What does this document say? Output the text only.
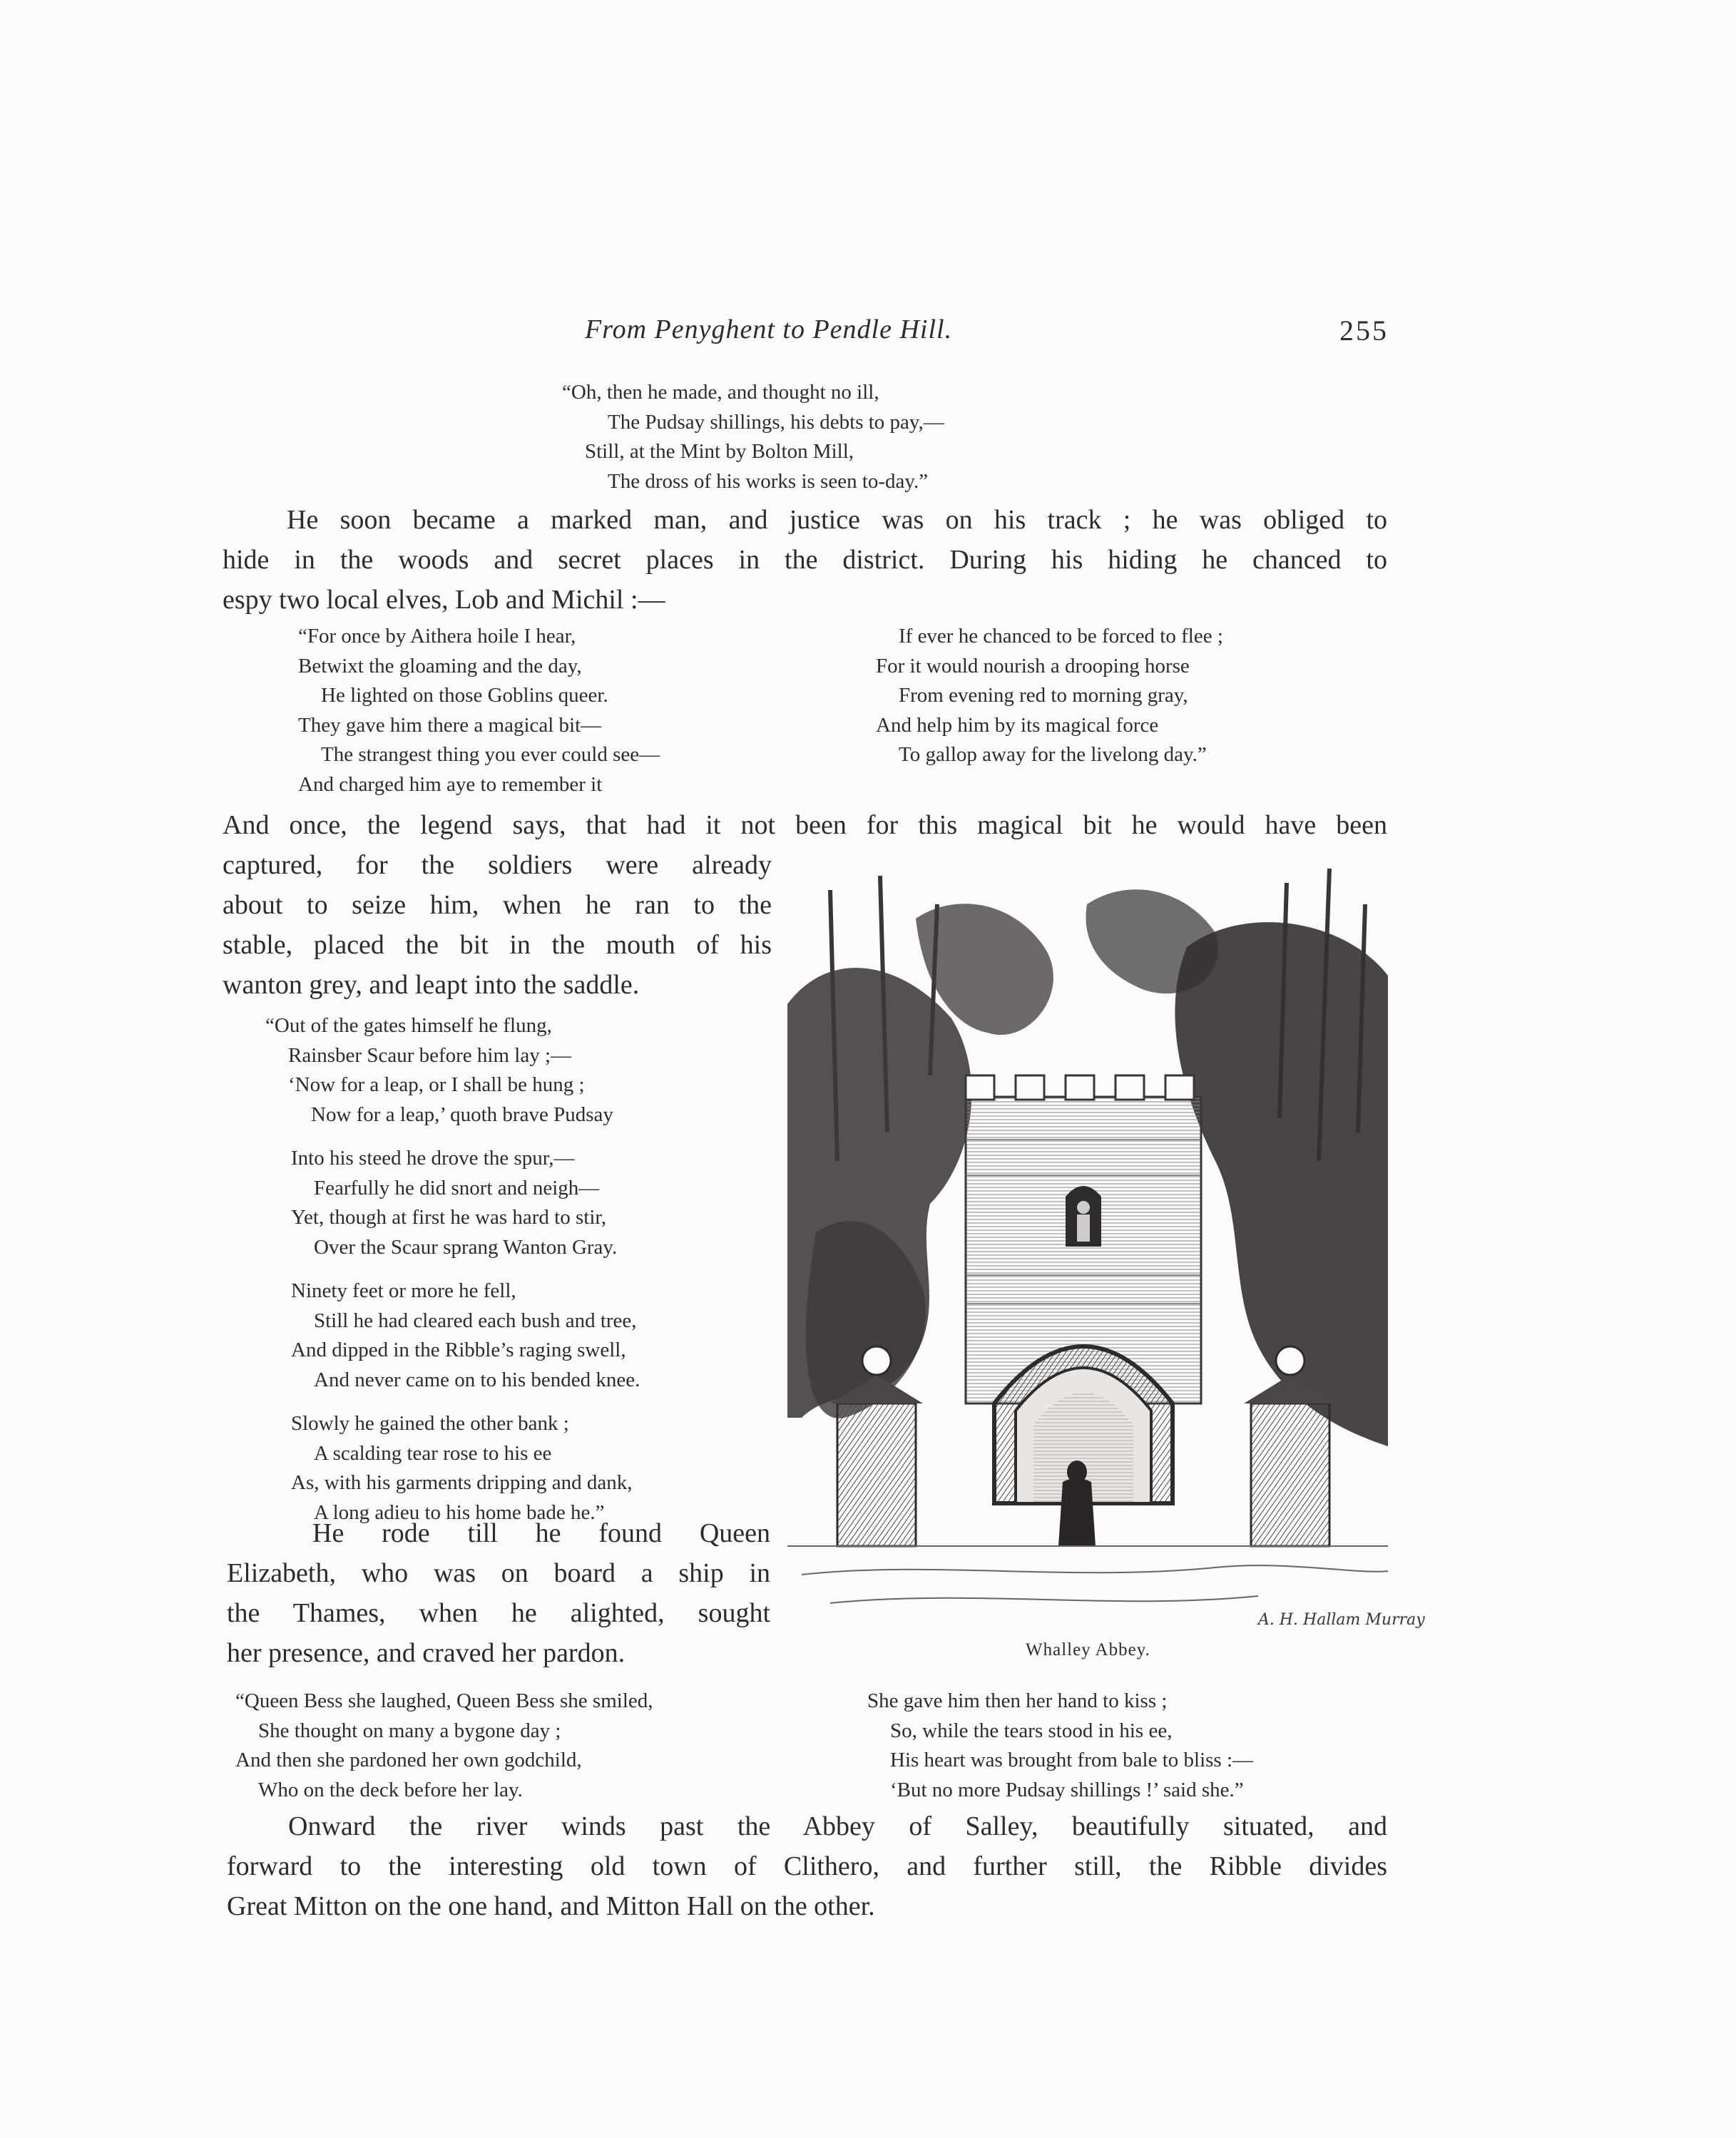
From Penyghent to Pendle Hill.	255
“Oh, then he made, and thought no ill,
The Pudsay shillings, his debts to pay,—
Still, at the Mint by Bolton Mill,
The dross of his works is seen to-day.”
He soon became a marked man, and justice was on his track ; he was obliged to
hide in the woods and secret places in the district. During his hiding he chanced to
espy two local elves, Lob and Michil :—
“For once by Aithera hoile I hear,
Betwixt the gloaming and the day,
He lighted on those Goblins queer.
They gave him there a magical bit—
The strangest thing you ever could see—
And charged him aye to remember it
If ever he chanced to be forced to flee ;
For it would nourish a drooping horse
From evening red to morning gray,
And help him by its magical force
To gallop away for the livelong day.”
And once, the legend says, that had it not been for this magical bit he would have been
captured, for the soldiers were already
about to seize him, when he ran to the
stable, placed the bit in the mouth of his
wanton grey, and leapt into the saddle.
“Out of the gates himself he flung,
Rainsber Scaur before him lay ;—
‘Now for a leap, or I shall be hung ;
Now for a leap,’ quoth brave Pudsay
Into his steed he drove the spur,—
Fearfully he did snort and neigh—
Yet, though at first he was hard to stir,
Over the Scaur sprang Wanton Gray.
Ninety feet or more he fell,
Still he had cleared each bush and tree,
And dipped in the Ribble’s raging swell,
And never came on to his bended knee.
Slowly he gained the other bank ;
A scalding tear rose to his ee
As, with his garments dripping and dank,
A long adieu to his home bade he.”
He rode till he found Queen
Elizabeth, who was on board a ship in
the Thames, when he alighted, sought
her presence, and craved her pardon.
A. H. Hallam Murray
Whalley Abbey.
“Queen Bess she laughed, Queen Bess she smiled,
She thought on many a bygone day ;
And then she pardoned her own godchild,
Who on the deck before her lay.
She gave him then her hand to kiss ;
So, while the tears stood in his ee,
His heart was brought from bale to bliss :—
‘But no more Pudsay shillings !’ said she.”
Onward the river winds past the Abbey of Salley, beautifully situated, and
forward to the interesting old town of Clithero, and further still, the Ribble divides
Great Mitton on the one hand, and Mitton Hall on the other.
